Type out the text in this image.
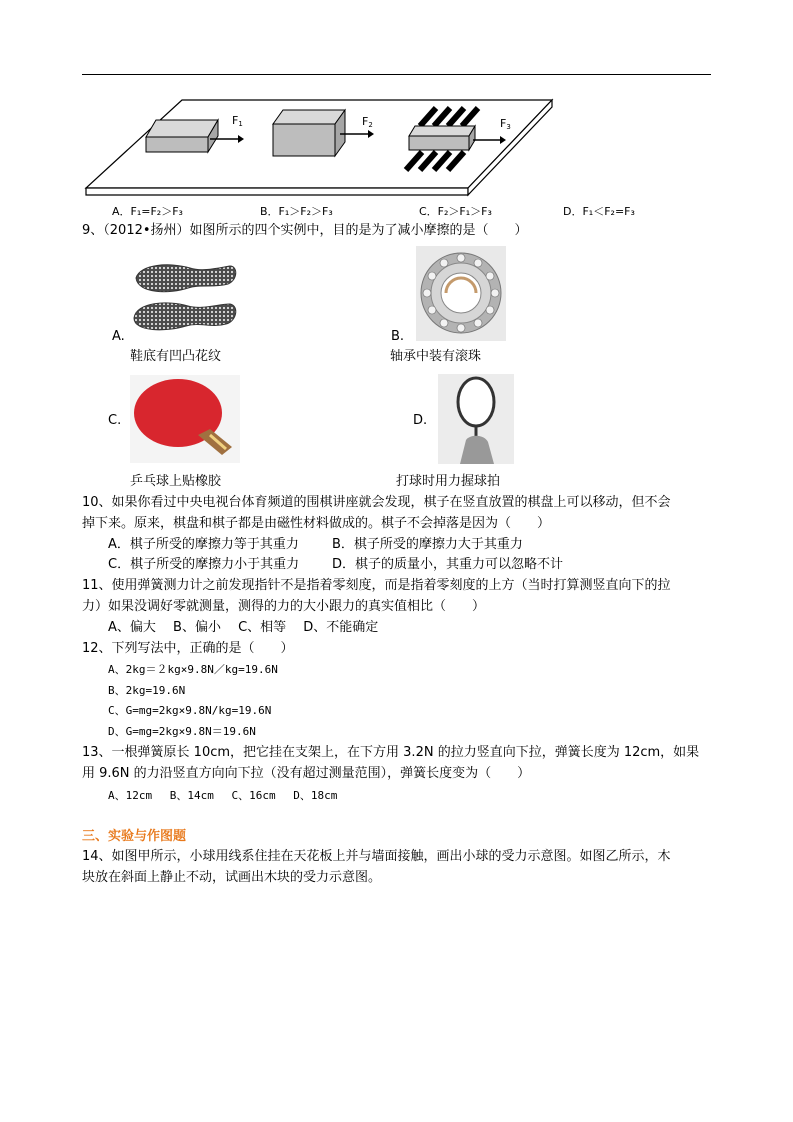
$F_1$	$F_2$	$F_3$
A．F₁=F₂＞F₃	B．F₁＞F₂＞F₃	C．F₂＞F₁＞F₃	D．F₁＜F₂=F₃
9、（2012•扬州）如图所示的四个实例中，目的是为了减小摩擦的是（　　）
A.
鞋底有凹凸花纹
B.
轴承中装有滚珠
C.
乒乓球上贴橡胶
D.
打球时用力握球拍
10、如果你看过中央电视台体育频道的围棋讲座就会发现，棋子在竖直放置的棋盘上可以移动，但不会
掉下来。原来，棋盘和棋子都是由磁性材料做成的。棋子不会掉落是因为（　　）
A．棋子所受的摩擦力等于其重力	B．棋子所受的摩擦力大于其重力
C．棋子所受的摩擦力小于其重力	D．棋子的质量小，其重力可以忽略不计
11、使用弹簧测力计之前发现指针不是指着零刻度，而是指着零刻度的上方（当时打算测竖直向下的拉
力）如果没调好零就测量，测得的力的大小跟力的真实值相比（　　）
A、偏大　 B、偏小　 C、相等　 D、不能确定
12、下列写法中，正确的是（　　）
A、2kg＝２kg×9.8N／kg=19.6N
B、2kg=19.6N
C、G=mg=2kg×9.8N/kg=19.6N
D、G=mg=2kg×9.8N＝19.6N
13、一根弹簧原长 10cm，把它挂在支架上，在下方用 3.2N 的拉力竖直向下拉，弹簧长度为 12cm，如果
用 9.6N 的力沿竖直方向向下拉（没有超过测量范围），弹簧长度变为（　　）
A、12cm　 B、14cm　 C、16cm　 D、18cm
三、实验与作图题
14、如图甲所示，小球用线系住挂在天花板上并与墙面接触，画出小球的受力示意图。如图乙所示，木
块放在斜面上静止不动，试画出木块的受力示意图。
